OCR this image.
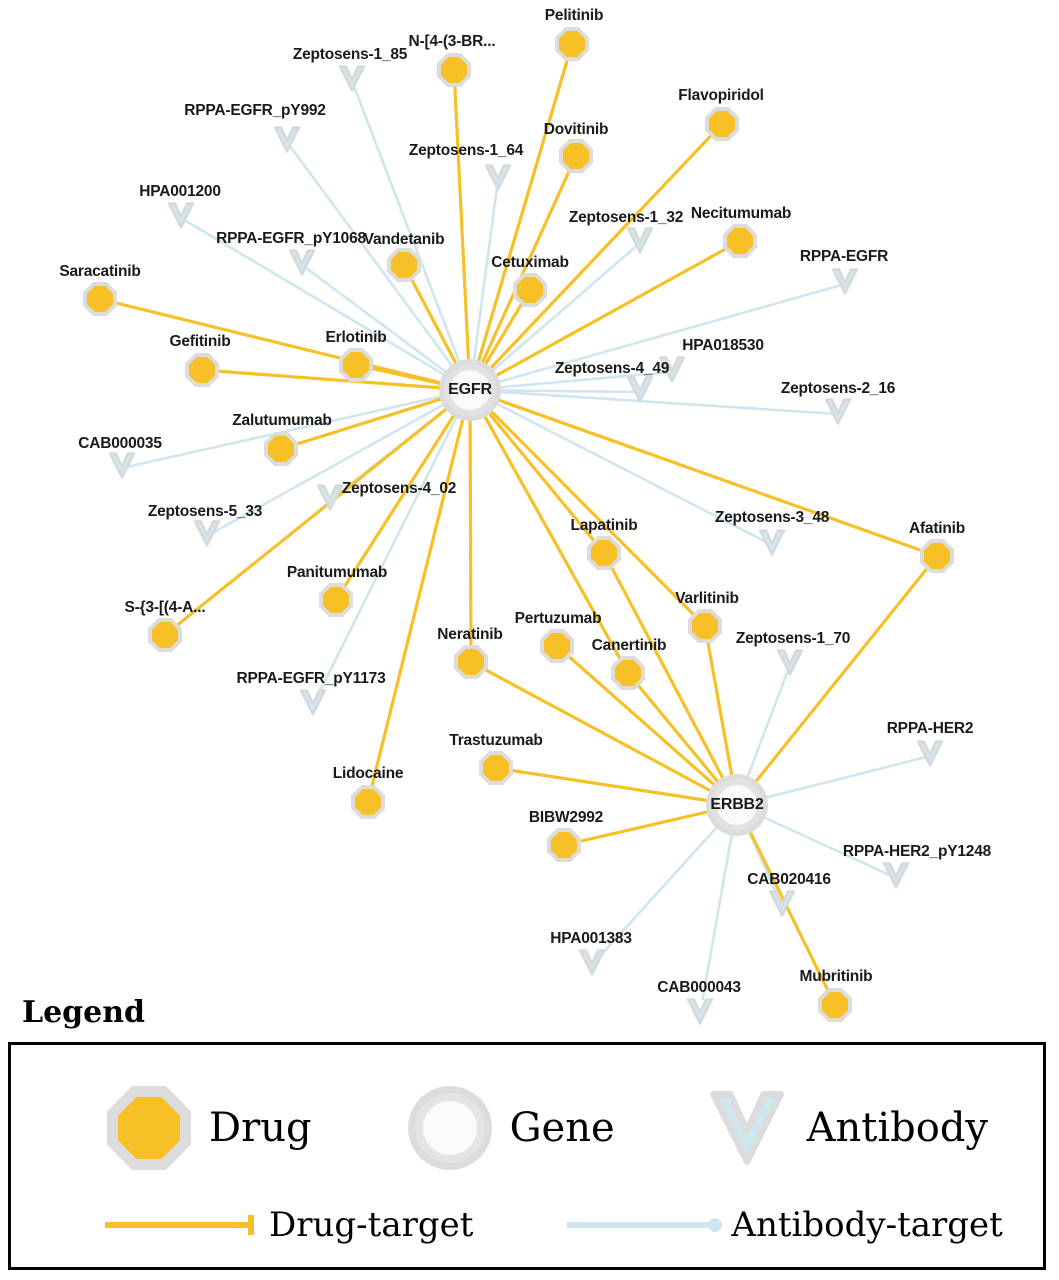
Zeptosens-1_85
RPPA-EGFR_pY992
Zeptosens-1_64
HPA001200
Zeptosens-1_32
RPPA-EGFR_pY1068
RPPA-EGFR
HPA018530
Zeptosens-4_49
Zeptosens-2_16
CAB000035
Zeptosens-4_02
Zeptosens-5_33	Zeptosens-3_48
Zeptosens-1_70
RPPA-EGFR_pY1173
RPPA-HER2
RPPA-HER2_pY1248
CAB020416
HPA001383
CAB000043
Pelitinib
N-[4-(3-BR...
Flavopiridol
Dovitinib
Necitumumab
Vandetanib
Cetuximab
Saracatinib
Gefitinib	Erlotinib
Zalutumumab
Panitumumab
S-{3-[(4-A...
Lidocaine
Afatinib
Lapatinib
Varlitinib
Pertuzumab
Neratinib
Canertinib
Trastuzumab
BIBW2992
Mubritinib
EGFR
ERBB2
Legend
Drug	Gene	Antibody
Drug-target	Antibody-target
